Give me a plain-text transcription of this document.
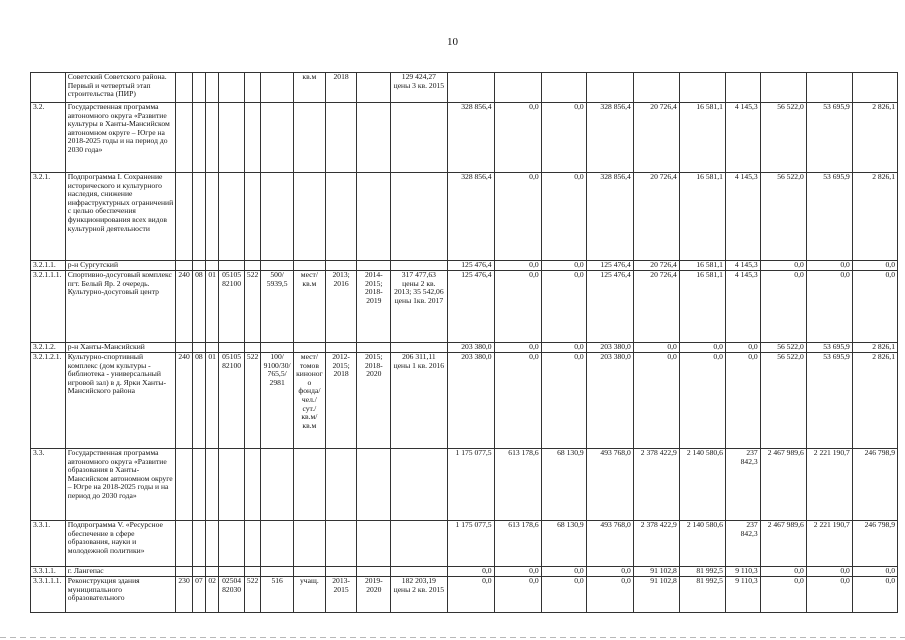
10
	Советский Советского района. Первый и четвертый этап строительства (ПИР)							кв.м	2018		129 424,27 цены 3 кв. 2015										
3.2.	Государственная программа автономного округа «Развитие культуры в Ханты-Мансийском автономном округе – Югре на 2018-2025 годы и на период до 2030 года»											328 856,4	0,0	0,0	328 856,4	20 726,4	16 581,1	4 145,3	56 522,0	53 695,9	2 826,1
3.2.1.	Подпрограмма I. Сохранение исторического и культурного наследия, снижение инфраструктурных ограничений с целью обеспечения функционирования всех видов культурной деятельности											328 856,4	0,0	0,0	328 856,4	20 726,4	16 581,1	4 145,3	56 522,0	53 695,9	2 826,1
3.2.1.1.	р-н Сургутский											125 476,4	0,0	0,0	125 476,4	20 726,4	16 581,1	4 145,3	0,0	0,0	0,0
3.2.1.1.1.	Спортивно-досуговый комплекс пгт. Белый Яр. 2 очередь. Культурно-досуговый центр	240	08	01	05105 82100	522	500/ 5939,5	мест/ кв.м	2013; 2016	2014- 2015; 2018- 2019	317 477,63 цены 2 кв. 2013; 35 542,06 цены 1кв. 2017	125 476,4	0,0	0,0	125 476,4	20 726,4	16 581,1	4 145,3	0,0	0,0	0,0
3.2.1.2.	р-н Ханты-Мансийский											203 380,0	0,0	0,0	203 380,0	0,0	0,0	0,0	56 522,0	53 695,9	2 826,1
3.2.1.2.1.	Культурно-спортивный комплекс (дом культуры - библиотека - универсальный игровой зал) в д. Ярки Ханты-Мансийского района	240	08	01	05105 82100	522	100/ 9100/30/ 765,5/ 2981	мест/ томов киноног о фонда/ чел./ сут./ кв.м/ кв.м	2012- 2015; 2018	2015; 2018- 2020	206 311,11 цены 1 кв. 2016	203 380,0	0,0	0,0	203 380,0	0,0	0,0	0,0	56 522,0	53 695,9	2 826,1
3.3.	Государственная программа автономного округа «Развитие образования в Ханты-Мансийском автономном округе – Югре на 2018-2025 годы и на период до 2030 года»											1 175 077,5	613 178,6	68 130,9	493 768,0	2 378 422,9	2 140 580,6	237 842,3	2 467 989,6	2 221 190,7	246 798,9
3.3.1.	Подпрограмма V. «Ресурсное обеспечение в сфере образования, науки и молодежной политики»											1 175 077,5	613 178,6	68 130,9	493 768,0	2 378 422,9	2 140 580,6	237 842,3	2 467 989,6	2 221 190,7	246 798,9
3.3.1.1.	г. Лангепас											0,0	0,0	0,0	0,0	91 102,8	81 992,5	9 110,3	0,0	0,0	0,0
3.3.1.1.1.	Реконструкция здания муниципального образовательного	230	07	02	02504 82030	522	516	учащ.	2013- 2015	2019- 2020	182 203,19 цены 2 кв. 2015	0,0	0,0	0,0	0,0	91 102,8	81 992,5	9 110,3	0,0	0,0	0,0
